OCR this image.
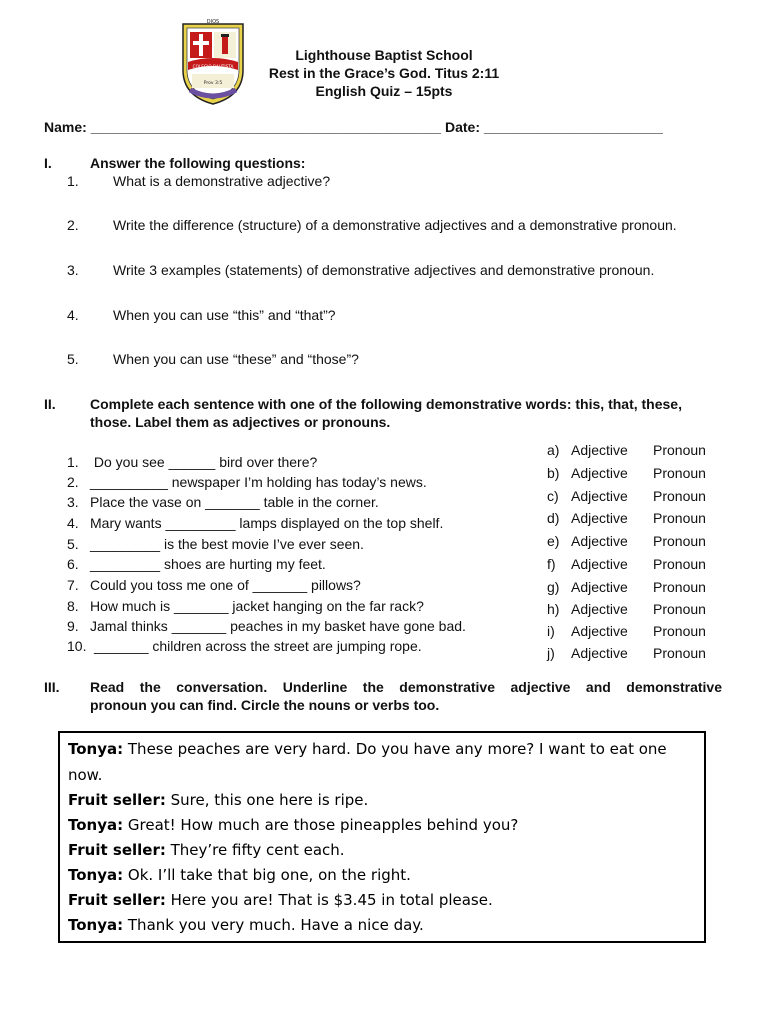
DIOS
COLEGIO BAUTISTA
Prov 3:5
Lighthouse Baptist School
Rest in the Grace’s God. Titus 2:11
English Quiz – 15pts
Name: _____________________________________________ Date: _______________________
I.	Answer the following questions:
1. What is a demonstrative adjective?
2. Write the difference (structure) of a demonstrative adjectives and a demonstrative pronoun.
3. Write 3 examples (statements) of demonstrative adjectives and demonstrative pronoun.
4. When you can use “this” and “that”?
5. When you can use “these” and “those”?
II. Complete each sentence with one of the following demonstrative words: this, that, these,
those. Label them as adjectives or pronouns.
1. Do you see ______ bird over there?
2. __________ newspaper I’m holding has today’s news.
3. Place the vase on _______ table in the corner.
4. Mary wants _________ lamps displayed on the top shelf.
5. _________ is the best movie I’ve ever seen.
6. _________ shoes are hurting my feet.
7. Could you toss me one of _______ pillows?
8. How much is _______ jacket hanging on the far rack?
9. Jamal thinks _______ peaches in my basket have gone bad.
10. _______ children across the street are jumping rope.
a) Adjective Pronoun
b) Adjective Pronoun
c) Adjective Pronoun
d) Adjective Pronoun
e) Adjective Pronoun
f) Adjective Pronoun
g) Adjective Pronoun
h) Adjective Pronoun
i) Adjective Pronoun
j) Adjective Pronoun
III. Read the conversation. Underline the demonstrative adjective and demonstrative
pronoun you can find. Circle the nouns or verbs too.
Tonya: These peaches are very hard. Do you have any more? I want to eat one
now.
Fruit seller: Sure, this one here is ripe.
Tonya: Great! How much are those pineapples behind you?
Fruit seller: They’re fifty cent each.
Tonya: Ok. I’ll take that big one, on the right.
Fruit seller: Here you are! That is $3.45 in total please.
Tonya: Thank you very much. Have a nice day.
